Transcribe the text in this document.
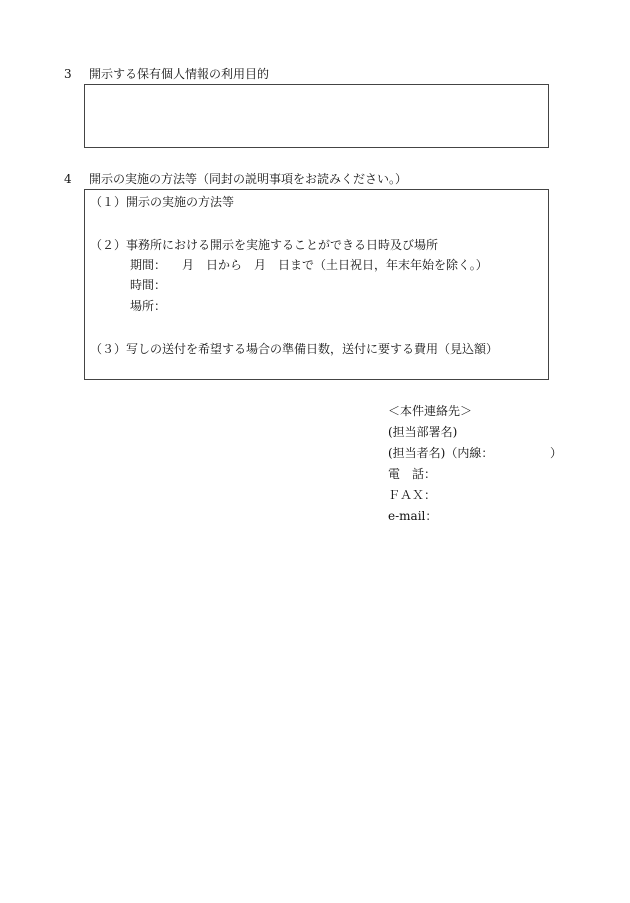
3 開示する保有個人情報の利用目的
4 開示の実施の方法等（同封の説明事項をお読みください。）
（１）開示の実施の方法等
（２）事務所における開示を実施することができる日時及び場所
期間： 月　日から　月　日まで（土日祝日，年末年始を除く。）
時間：
場所：
（３）写しの送付を希望する場合の準備日数，送付に要する費用（見込額）
＜本件連絡先＞
(担当部署名)
(担当者名)（内線：	）
電　話：
ＦＡＸ：
e-mail：
